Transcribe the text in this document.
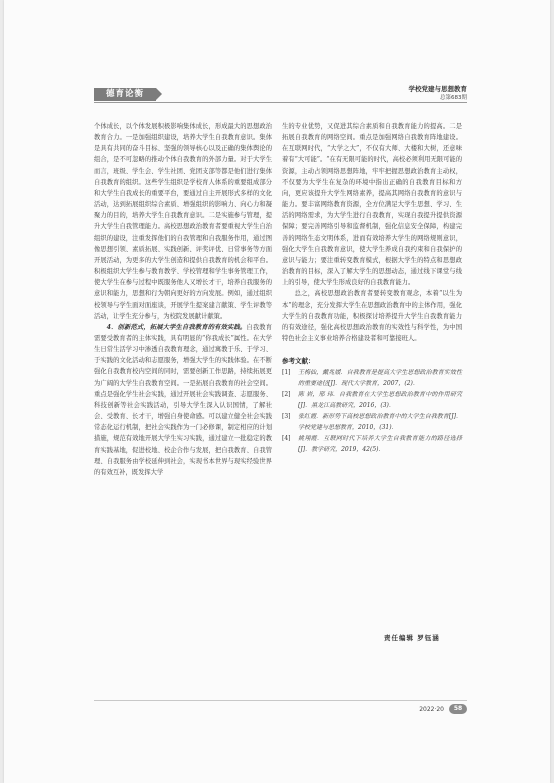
德育论衡	学校党建与思想教育
总第683期

个体成长，以个体发展积极影响集体成长，形成最大的思想政治教育合力。一是加强组织建设，培养大学生自我教育意识。集体是具有共同的奋斗目标、坚强的领导核心以及正确的集体舆论的组合，是不可忽略的推动个体自我教育的外部力量。对于大学生而言，班级、学生会、学生社团、党团支部等都是他们进行集体自我教育的组织。这些学生组织是学校育人体系的重要组成部分和大学生自我成长的重要平台，要通过自主开展形式多样的文化活动，达到拓展组织综合素质、增强组织的影响力、向心力和凝聚力的目的，培养大学生自我教育意识。二是实施参与管理，提升大学生自我管理能力。高校思想政治教育者要重视大学生自治组织的建设，注重发挥他们的自我管理和自我服务作用，通过图像思想引领、素质拓展、实践创新、评奖评优、日常事务等方面开展活动，为更多的大学生创造和提供自我教育的机会和平台。积极组织大学生参与教育教学、学校管理和学生事务管理工作，使大学生在参与过程中既服务他人又增长才干，培养自我服务的意识和能力，思想和行为朝向更好的方向发展。例如，通过组织校领导与学生面对面座谈，开展学生提案建言献策、学生评教等活动，让学生充分参与，为校院发展献计献策。

4．创新范式，拓展大学生自我教育的有效实践。自我教育需要受教育者的主体实践，具有明显的“你我成长”属性。在大学生日常生活学习中渗透自我教育理念，通过寓教于乐、于学习、于实践的文化活动和志愿服务，增强大学生的实践体验。在不断强化自我教育校内空间的同时，需要创新工作思路，持续拓展更为广阔的大学生自我教育空间。一是拓展自我教育的社会空间。重点是强化学生社会实践，通过开展社会实践调查、志愿服务、科技创新等社会实践活动，引导大学生深入认识国情，了解社会、受教育、长才干，增强自身使命感。可以建立健全社会实践常态化运行机制，把社会实践作为一门必修课，制定相应的计划措施，规范有效地开展大学生实习实践，通过建立一批稳定的教育实践基地，促进校地、校企合作与发展，把自我教育、自我管理、自我服务由学校延伸到社会，实现书本世界与现实经验世界的有效互补，既发挥大学

生的专业优势，又促进其综合素质和自我教育能力的提高。二是拓展自我教育的网络空间。重点是加强网络自我教育阵地建设。在互联网时代，“大学之大”，不仅有大师、大楼和大树，还意味着有“大可能”。“在有无限可能的时代，高校必须利用无限可能的资源，主动占领网络思想阵地，牢牢把握思想政治教育主动权，不仅要为大学生在复杂的环境中指出正确的自我教育目标和方向，更应该提升大学生网络素养，提高其网络自我教育的意识与能力。要丰富网络教育资源，全方位满足大学生思想、学习、生活的网络需求，为大学生进行自我教育，实现自我提升提供资源保障；要完善网络引导和监督机制，强化信息安全保障，构建完善的网络生态文明体系，进而有效培养大学生的网络规则意识，强化大学生自我教育意识，使大学生养成自我约束和自我保护的意识与能力；要注重转变教育模式，根据大学生的特点和思想政治教育的目标，深入了解大学生的思想动态，通过线下课堂与线上的引导，使大学生形成良好的自我教育能力。

总之，高校思想政治教育者要转变教育观念，本着“以生为本”的理念，充分发挥大学生在思想政治教育中的主体作用，强化大学生的自我教育功能，积极探讨培养提升大学生自我教育能力的有效途径，强化高校思想政治教育的实效性与科学性，为中国特色社会主义事业培养合格建设者和可靠接班人。

参考文献：
[1]	王梅仙，戴兆媛．自我教育是提高大学生思想政治教育实效性的重要途径[J]．现代大学教育，2007，(2)．
[2]	陈 岩，邢 玮．自我教育在大学生思想政治教育中的作用研究[J]．黑龙江高教研究，2016，(3)．
[3]	张红霞．新形势下高校思想政治教育中的大学生自我教育[J]．学校党建与思想教育，2010，(31)．
[4]	姚翔霞．互联网时代下培养大学生自我教育能力的路径选择[J]．教学研究，2019，42(5)．
责任编辑 罗钰涵
2022·20	58
